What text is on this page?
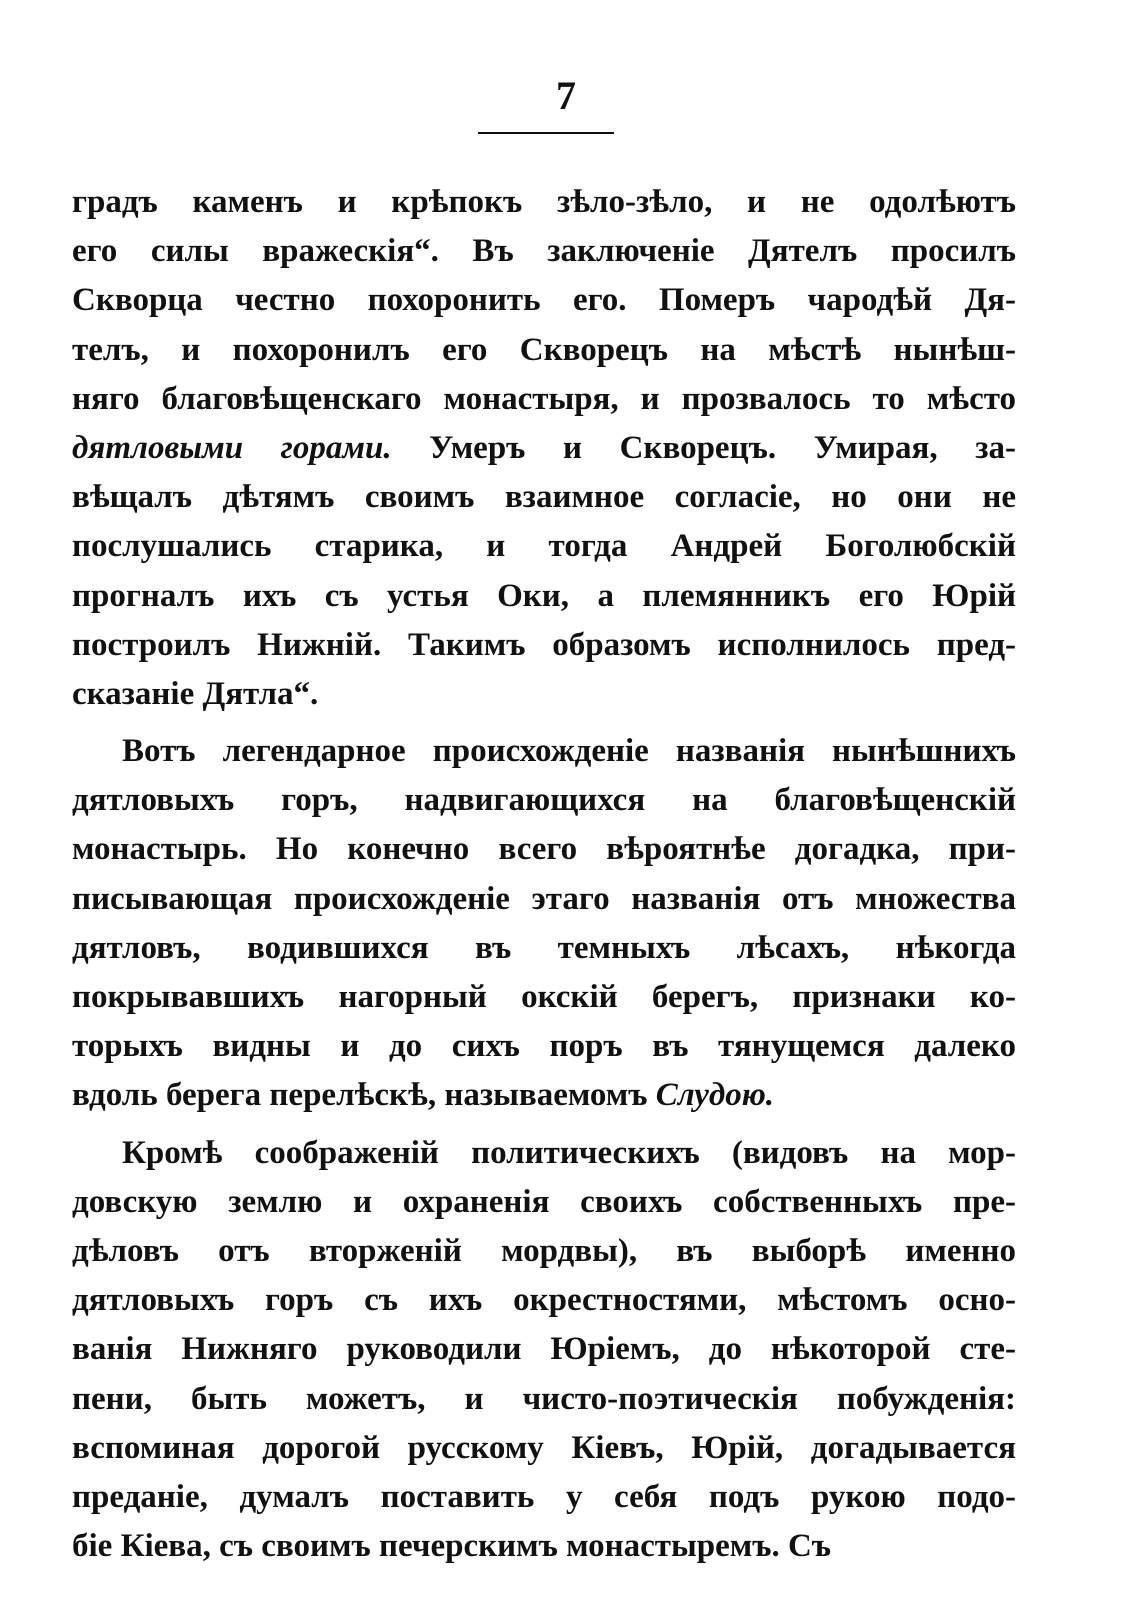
7
градъ каменъ и крѣпокъ зѣло-зѣло, и не одолѣютъ
его силы вражескія“. Въ заключеніе Дятелъ просилъ
Скворца честно похоронить его. Померъ чародѣй Дя-
телъ, и похоронилъ его Скворецъ на мѣстѣ нынѣш-
няго благовѣщенскаго монастыря, и прозвалось то мѣсто
дятловыми горами. Умеръ и Скворецъ. Умирая, за-
вѣщалъ дѣтямъ своимъ взаимное согласіе, но они не
послушались старика, и тогда Андрей Боголюбскій
прогналъ ихъ съ устья Оки, а племянникъ его Юрій
построилъ Нижній. Такимъ образомъ исполнилось пред-
сказаніе Дятла“.
Вотъ легендарное происхожденіе названія нынѣшнихъ
дятловыхъ горъ, надвигающихся на благовѣщенскій
монастырь. Но конечно всего вѣроятнѣе догадка, при-
писывающая происхожденіе этаго названія отъ множества
дятловъ, водившихся въ темныхъ лѣсахъ, нѣкогда
покрывавшихъ нагорный окскій берегъ, признаки ко-
торыхъ видны и до сихъ поръ въ тянущемся далеко
вдоль берега перелѣскѣ, называемомъ Слудою.
Кромѣ соображеній политическихъ (видовъ на мор-
довскую землю и охраненія своихъ собственныхъ пре-
дѣловъ отъ вторженій мордвы), въ выборѣ именно
дятловыхъ горъ съ ихъ окрестностями, мѣстомъ осно-
ванія Нижняго руководили Юріемъ, до нѣкоторой сте-
пени, быть можетъ, и чисто-поэтическія побужденія:
вспоминая дорогой русскому Кіевъ, Юрій, догадывается
преданіе, думалъ поставить у себя подъ рукою подо-
біе Кіева, съ своимъ печерскимъ монастыремъ. Съ
